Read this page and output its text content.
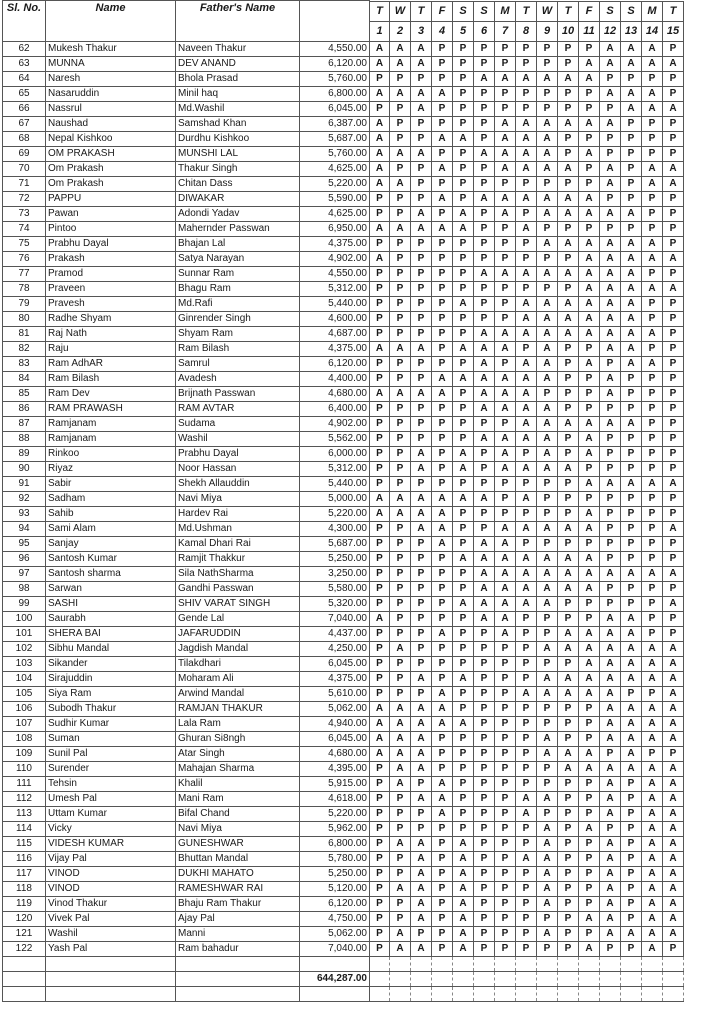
Sl. No.	Name	Father's Name																
				T	W	T	F	S	S	M	T	W	T	F	S	S	M	T
				1	2	3	4	5	6	7	8	9	10	11	12	13	14	15
62	Mukesh Thakur	Naveen Thakur	4,550.00	A	A	A	P	P	P	P	P	P	P	P	A	A	A	P
63	MUNNA	DEV ANAND	6,120.00	A	A	A	P	P	P	P	P	P	P	A	A	A	A	A
64	Naresh	Bhola Prasad	5,760.00	P	P	P	P	P	A	A	A	A	A	A	P	P	P	P
65	Nasaruddin	Minil haq	6,800.00	A	A	A	A	P	P	P	P	P	P	P	A	A	A	P
66	Nassrul	Md.Washil	6,045.00	P	P	A	P	P	P	P	P	P	P	P	P	A	A	A
67	Naushad	Samshad Khan	6,387.00	A	P	P	P	P	P	A	A	A	A	A	A	P	P	P
68	Nepal Kishkoo	Durdhu Kishkoo	5,687.00	A	P	P	A	A	P	A	A	A	P	P	P	P	P	P
69	OM PRAKASH	MUNSHI LAL	5,760.00	A	A	A	P	P	A	A	A	A	P	A	P	P	P	P
70	Om Prakash	Thakur Singh	4,625.00	A	P	P	A	P	P	A	A	A	A	P	A	P	A	A
71	Om Prakash	Chitan Dass	5,220.00	A	A	P	P	P	P	P	P	P	P	P	A	P	A	A
72	PAPPU	DIWAKAR	5,590.00	P	P	P	A	P	A	A	A	A	A	A	P	P	P	P
73	Pawan	Adondi Yadav	4,625.00	P	P	A	P	A	P	A	P	A	A	A	A	A	P	P
74	Pintoo	Mahernder Passwan	6,950.00	A	A	A	A	A	P	P	A	P	P	P	P	P	P	P
75	Prabhu Dayal	Bhajan Lal	4,375.00	P	P	P	P	P	P	P	P	A	A	A	A	A	A	P
76	Prakash	Satya Narayan	4,902.00	A	P	P	P	P	P	P	P	P	P	A	A	A	A	A
77	Pramod	Sunnar Ram	4,550.00	P	P	P	P	P	A	A	A	A	A	A	A	A	P	P
78	Praveen	Bhagu Ram	5,312.00	P	P	P	P	P	P	P	P	P	P	A	A	A	A	A
79	Pravesh	Md.Rafi	5,440.00	P	P	P	P	A	P	P	A	A	A	A	A	A	P	P
80	Radhe Shyam	Ginrender Singh	4,600.00	P	P	P	P	P	P	P	A	A	A	A	A	A	P	P
81	Raj Nath	Shyam Ram	4,687.00	P	P	P	P	P	A	A	A	A	A	A	A	A	A	P
82	Raju	Ram Bilash	4,375.00	A	A	A	P	A	A	A	P	A	P	P	A	A	P	P
83	Ram AdhAR	Samrul	6,120.00	P	P	P	P	P	A	P	A	A	P	A	P	A	A	P
84	Ram Bilash	Avadesh	4,400.00	P	P	P	A	A	A	A	A	A	P	P	A	P	P	P
85	Ram Dev	Brijnath Passwan	4,680.00	A	A	A	A	P	A	A	A	P	P	P	A	P	P	P
86	RAM PRAWASH	RAM AVTAR	6,400.00	P	P	P	P	P	A	A	A	A	P	P	P	P	P	P
87	Ramjanam	Sudama	4,902.00	P	P	P	P	P	P	P	A	A	A	A	A	A	P	P
88	Ramjanam	Washil	5,562.00	P	P	P	P	P	A	A	A	A	P	A	P	P	P	P
89	Rinkoo	Prabhu Dayal	6,000.00	P	P	A	P	A	P	A	P	A	P	A	P	P	P	P
90	Riyaz	Noor Hassan	5,312.00	P	P	A	P	A	P	A	A	A	A	P	P	P	P	P
91	Sabir	Shekh Allauddin	5,440.00	P	P	P	P	P	P	P	P	P	P	A	A	A	A	A
92	Sadham	Navi Miya	5,000.00	A	A	A	A	A	A	P	A	P	P	P	P	P	P	P
93	Sahib	Hardev Rai	5,220.00	A	A	A	A	P	P	P	P	P	P	A	P	P	P	P
94	Sami Alam	Md.Ushman	4,300.00	P	P	A	A	P	P	A	A	A	A	A	P	P	P	A
95	Sanjay	Kamal Dhari Rai	5,687.00	P	P	P	A	P	A	A	P	P	P	P	P	P	P	P
96	Santosh Kumar	Ramjit Thakkur	5,250.00	P	P	P	P	A	A	A	A	A	A	A	P	P	P	P
97	Santosh sharma	Sila NathSharma	3,250.00	P	P	P	P	P	A	A	A	A	A	A	A	A	A	A
98	Sarwan	Gandhi Passwan	5,580.00	P	P	P	P	P	A	A	A	A	A	A	P	P	P	P
99	SASHI	SHIV VARAT SINGH	5,320.00	P	P	P	P	A	A	A	A	A	P	P	P	P	P	A
100	Saurabh	Gende Lal	7,040.00	A	P	P	P	P	A	A	P	P	P	P	A	A	P	P
101	SHERA BAI	JAFARUDDIN	4,437.00	P	P	P	A	P	P	A	P	P	A	A	A	A	P	P
102	Sibhu Mandal	Jagdish Mandal	4,250.00	P	A	P	P	P	P	P	P	A	A	A	A	A	A	A
103	Sikander	Tilakdhari	6,045.00	P	P	P	P	P	P	P	P	P	P	A	A	A	A	A
104	Sirajuddin	Moharam Ali	4,375.00	P	P	A	P	A	P	P	P	A	A	A	A	A	A	A
105	Siya Ram	Arwind Mandal	5,610.00	P	P	P	A	P	P	P	A	A	A	A	A	P	P	A
106	Subodh Thakur	RAMJAN THAKUR	5,062.00	A	A	A	A	P	P	P	P	P	P	P	A	A	A	A
107	Sudhir Kumar	Lala Ram	4,940.00	A	A	A	A	A	P	P	P	P	P	P	A	A	A	A
108	Suman	Ghuran Si8ngh	6,045.00	A	A	A	P	P	P	P	P	A	P	P	A	A	A	A
109	Sunil Pal	Atar Singh	4,680.00	A	A	A	P	P	P	P	P	A	A	A	P	A	P	P
110	Surender	Mahajan Sharma	4,395.00	P	A	A	P	P	P	P	P	P	A	A	A	A	A	A
111	Tehsin	Khalil	5,915.00	P	A	P	A	P	P	P	P	P	P	P	A	P	A	A
112	Umesh Pal	Mani Ram	4,618.00	P	P	A	A	P	P	P	A	A	P	P	A	P	A	A
113	Uttam Kumar	Bifal Chand	5,220.00	P	P	P	A	P	P	P	A	P	P	P	A	P	A	A
114	Vicky	Navi Miya	5,962.00	P	P	P	P	P	P	P	P	A	P	A	P	P	A	A
115	VIDESH KUMAR	GUNESHWAR	6,800.00	P	A	A	P	A	P	P	P	A	P	P	A	P	A	A
116	Vijay Pal	Bhuttan Mandal	5,780.00	P	P	A	P	A	P	P	A	A	P	P	A	P	A	A
117	VINOD	DUKHI MAHATO	5,250.00	P	P	A	P	A	P	P	P	A	P	P	A	P	A	A
118	VINOD	RAMESHWAR RAI	5,120.00	P	A	A	P	A	P	P	P	A	P	P	A	P	A	A
119	Vinod Thakur	Bhaju Ram Thakur	6,120.00	P	P	A	P	A	P	P	P	A	P	P	A	P	A	A
120	Vivek Pal	Ajay Pal	4,750.00	P	P	A	P	A	P	P	P	P	P	A	A	P	A	A
121	Washil	Manni	5,062.00	P	A	P	P	A	P	P	P	A	P	P	A	A	A	A
122	Yash Pal	Ram bahadur	7,040.00	P	A	A	P	A	P	P	P	P	P	A	P	P	A	P

			644,287.00															
